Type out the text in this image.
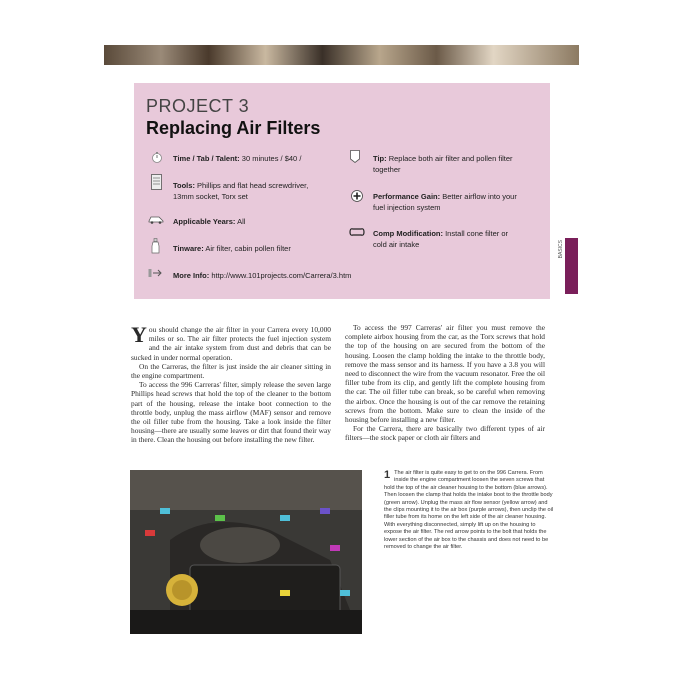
PROJECT 3
Replacing Air Filters
Time / Tab / Talent: 30 minutes / $40 /
Tools: Phillips and flat head screwdriver, 13mm socket, Torx set
Applicable Years: All
Tinware: Air filter, cabin pollen filter
More Info: http://www.101projects.com/Carrera/3.htm
Tip: Replace both air filter and pollen filter together
Performance Gain: Better airflow into your fuel injection system
Comp Modification: Install cone filter or cold air intake	BASICS

You should change the air filter in your Carrera every 10,000 miles or so. The air filter protects the fuel injection system and the air intake system from dust and debris that can be sucked in under normal operation.

On the Carreras, the filter is just inside the air cleaner sitting in the engine compartment.

To access the 996 Carreras' filter, simply release the seven large Phillips head screws that hold the top of the cleaner to the bottom part of the housing, release the intake boot connection to the throttle body, unplug the mass airflow (MAF) sensor and remove the oil filler tube from the housing. Take a look inside the filter housing—there are usually some leaves or dirt that found their way in there. Clean the housing out before installing the new filter.

To access the 997 Carreras' air filter you must remove the complete airbox housing from the car, as the Torx screws that hold the top of the housing on are secured from the bottom of the housing. Loosen the clamp holding the intake to the throttle body, remove the mass sensor and its harness. If you have a 3.8 you will need to disconnect the wire from the vacuum resonator. Free the oil filler tube from its clip, and gently lift the complete housing from the car. The oil filler tube can break, so be careful when removing the airbox. Once the housing is out of the car remove the retaining screws from the bottom. Make sure to clean the inside of the housing before installing a new filter.

For the Carrera, there are basically two different types of air filters—the stock paper or cloth air filters and

1 The air filter is quite easy to get to on the 996 Carrera. From inside the engine compartment loosen the seven screws that hold the top of the air cleaner housing to the bottom (blue arrows). Then loosen the clamp that holds the intake boot to the throttle body (green arrow). Unplug the mass air flow sensor (yellow arrow) and the clips mounting it to the air box (purple arrows), then unclip the oil filler tube from its home on the left side of the air cleaner housing. With everything disconnected, simply lift up on the housing to expose the air filter. The red arrow points to the bolt that holds the lower section of the air box to the chassis and does not need to be removed to change the air filter.
